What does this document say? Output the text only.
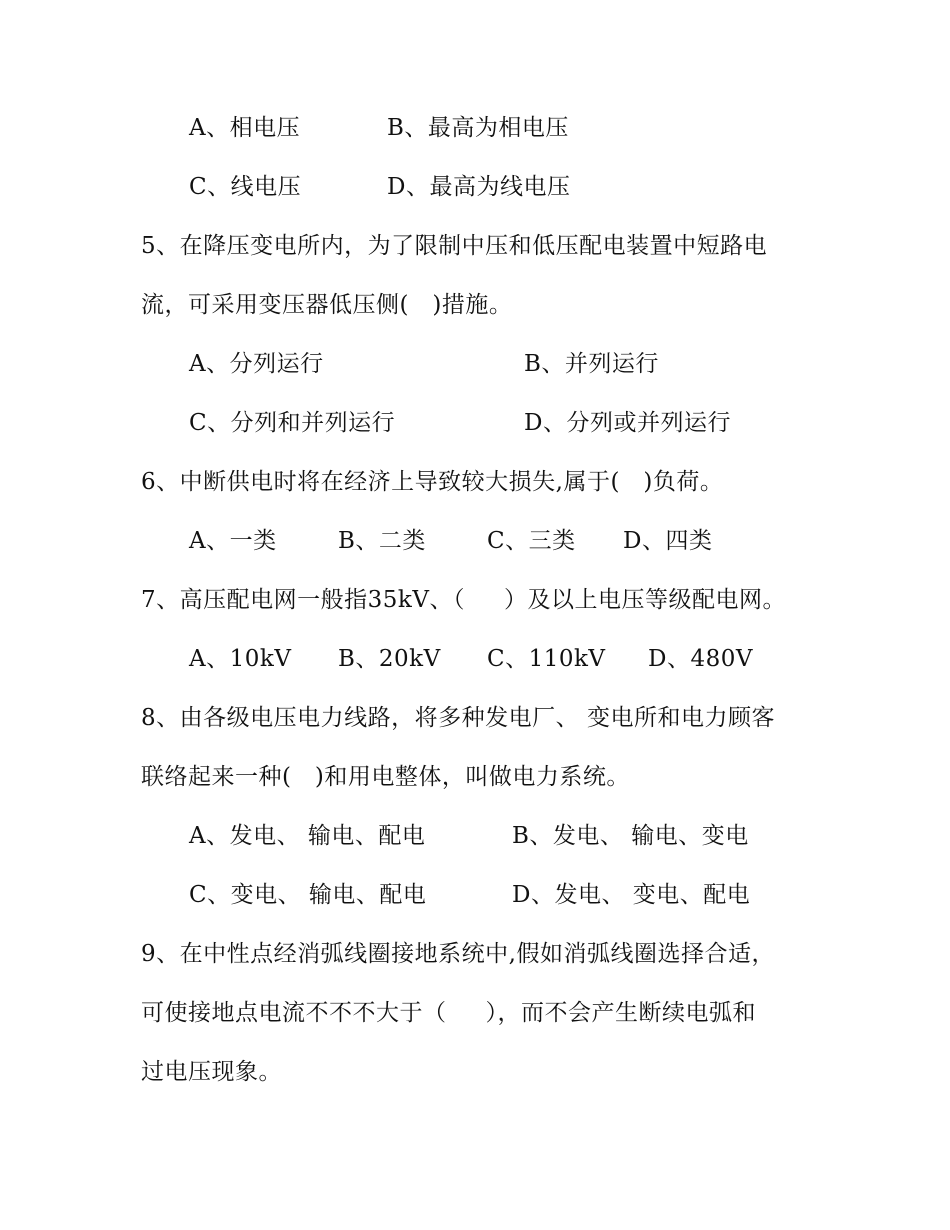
A、相电压	B、最高为相电压
C、线电压	D、最高为线电压
5、在降压变电所内，为了限制中压和低压配电装置中短路电
流，可采用变压器低压侧(   )措施。
A、分列运行	B、并列运行
C、分列和并列运行	D、分列或并列运行
6、中断供电时将在经济上导致较大损失,属于(   )负荷。
A、一类	B、二类	C、三类 D、四类
7、高压配电网一般指35kV、（     ）及以上电压等级配电网。
A、10kV B、20kV C、110kV D、480V
8、由各级电压电力线路，将多种发电厂、 变电所和电力顾客
联络起来一种(   )和用电整体，叫做电力系统。
A、发电、 输电、配电	B、发电、 输电、变电
C、变电、 输电、配电	D、发电、 变电、配电
9、在中性点经消弧线圈接地系统中,假如消弧线圈选择合适，
可使接地点电流不不不大于（     ），而不会产生断续电弧和
过电压现象。
